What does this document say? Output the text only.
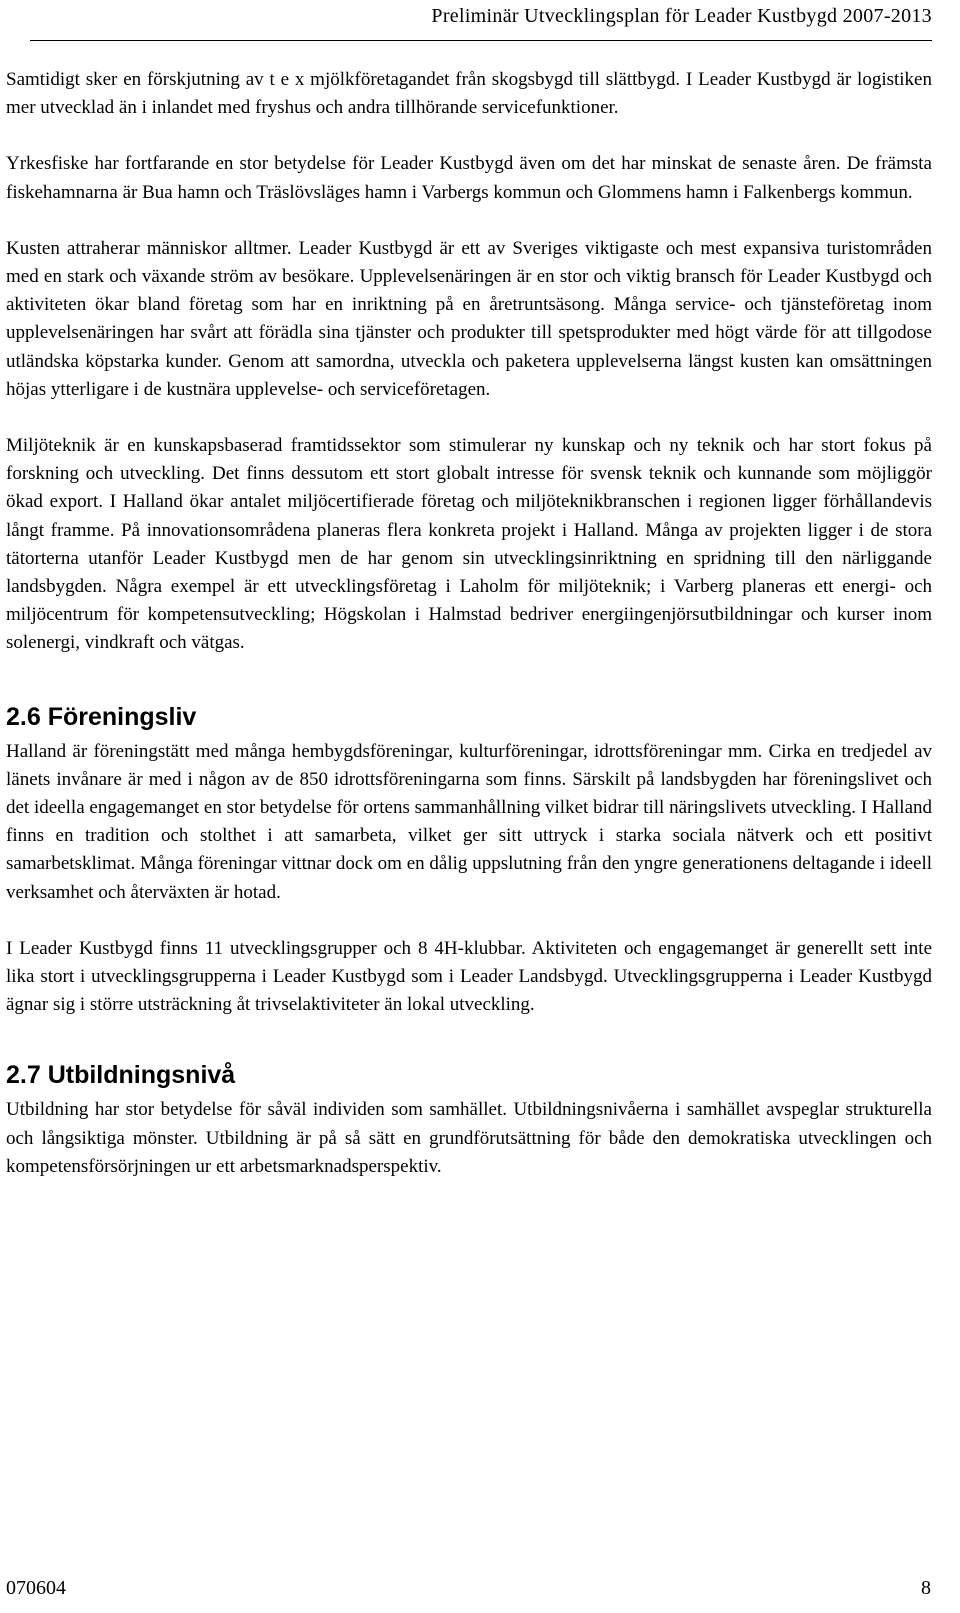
Preliminär Utvecklingsplan för Leader Kustbygd 2007-2013

Samtidigt sker en förskjutning av t e x mjölkföretagandet från skogsbygd till slättbygd. I Leader Kustbygd är logistiken mer utvecklad än i inlandet med fryshus och andra tillhörande servicefunktioner.

Yrkesfiske har fortfarande en stor betydelse för Leader Kustbygd även om det har minskat de senaste åren. De främsta fiskehamnarna är Bua hamn och Träslövsläges hamn i Varbergs kommun och Glommens hamn i Falkenbergs kommun.

Kusten attraherar människor alltmer. Leader Kustbygd är ett av Sveriges viktigaste och mest expansiva turistområden med en stark och växande ström av besökare. Upplevelsenäringen är en stor och viktig bransch för Leader Kustbygd och aktiviteten ökar bland företag som har en inriktning på en åretruntsäsong. Många service- och tjänsteföretag inom upplevelsenäringen har svårt att förädla sina tjänster och produkter till spetsprodukter med högt värde för att tillgodose utländska köpstarka kunder. Genom att samordna, utveckla och paketera upplevelserna längst kusten kan omsättningen höjas ytterligare i de kustnära upplevelse- och serviceföretagen.

Miljöteknik är en kunskapsbaserad framtidssektor som stimulerar ny kunskap och ny teknik och har stort fokus på forskning och utveckling. Det finns dessutom ett stort globalt intresse för svensk teknik och kunnande som möjliggör ökad export. I Halland ökar antalet miljöcertifierade företag och miljöteknikbranschen i regionen ligger förhållandevis långt framme. På innovationsområdena planeras flera konkreta projekt i Halland. Många av projekten ligger i de stora tätorterna utanför Leader Kustbygd men de har genom sin utvecklingsinriktning en spridning till den närliggande landsbygden. Några exempel är ett utvecklingsföretag i Laholm för miljöteknik; i Varberg planeras ett energi- och miljöcentrum för kompetensutveckling; Högskolan i Halmstad bedriver energiingenjörsutbildningar och kurser inom solenergi, vindkraft och vätgas.

2.6 Föreningsliv

Halland är föreningstätt med många hembygdsföreningar, kulturföreningar, idrottsföreningar mm. Cirka en tredjedel av länets invånare är med i någon av de 850 idrottsföreningarna som finns. Särskilt på landsbygden har föreningslivet och det ideella engagemanget en stor betydelse för ortens sammanhållning vilket bidrar till näringslivets utveckling. I Halland finns en tradition och stolthet i att samarbeta, vilket ger sitt uttryck i starka sociala nätverk och ett positivt samarbetsklimat. Många föreningar vittnar dock om en dålig uppslutning från den yngre generationens deltagande i ideell verksamhet och återväxten är hotad.

I Leader Kustbygd finns 11 utvecklingsgrupper och 8 4H-klubbar. Aktiviteten och engagemanget är generellt sett inte lika stort i utvecklingsgrupperna i Leader Kustbygd som i Leader Landsbygd. Utvecklingsgrupperna i Leader Kustbygd ägnar sig i större utsträckning åt trivselaktiviteter än lokal utveckling.

2.7 Utbildningsnivå

Utbildning har stor betydelse för såväl individen som samhället. Utbildningsnivåerna i samhället avspeglar strukturella och långsiktiga mönster. Utbildning är på så sätt en grundförutsättning för både den demokratiska utvecklingen och kompetensförsörjningen ur ett arbetsmarknadsperspektiv.

070604	8
